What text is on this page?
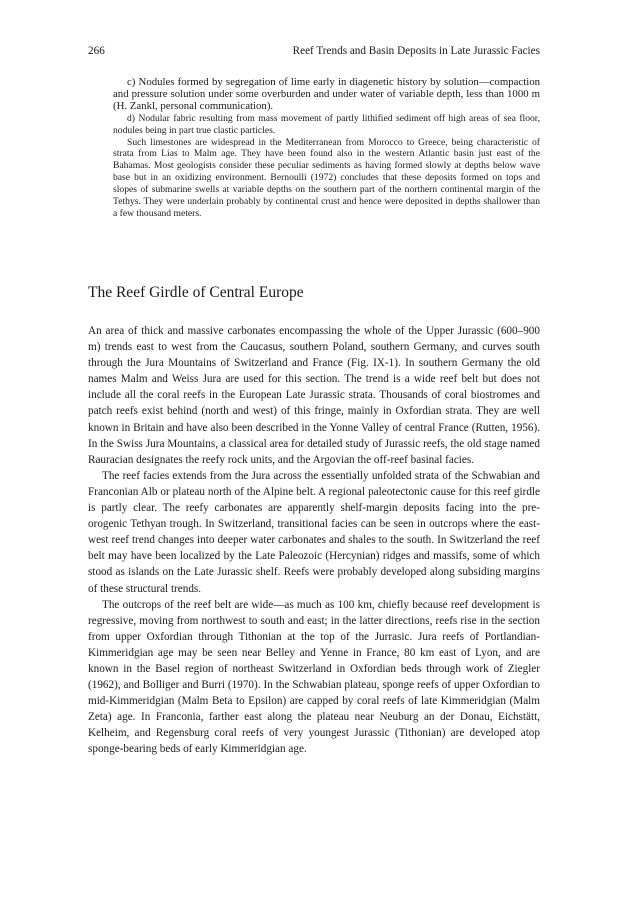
266	Reef Trends and Basin Deposits in Late Jurassic Facies

c) Nodules formed by segregation of lime early in diagenetic history by solution—compaction and pressure solution under some overburden and under water of variable depth, less than 1000 m (H. Zankl, personal communication).

d) Nodular fabric resulting from mass movement of partly lithified sediment off high areas of sea floor, nodules being in part true clastic particles.

Such limestones are widespread in the Mediterranean from Morocco to Greece, being characteristic of strata from Lias to Malm age. They have been found also in the western Atlantic basin just east of the Bahamas. Most geologists consider these peculiar sediments as having formed slowly at depths below wave base but in an oxidizing environment. Bernoulli (1972) concludes that these deposits formed on tops and slopes of submarine swells at variable depths on the southern part of the northern continental margin of the Tethys. They were underlain probably by continental crust and hence were deposited in depths shallower than a few thousand meters.

The Reef Girdle of Central Europe

An area of thick and massive carbonates encompassing the whole of the Upper Jurassic (600–900 m) trends east to west from the Caucasus, southern Poland, southern Germany, and curves south through the Jura Mountains of Switzerland and France (Fig. IX-1). In southern Germany the old names Malm and Weiss Jura are used for this section. The trend is a wide reef belt but does not include all the coral reefs in the European Late Jurassic strata. Thousands of coral biostromes and patch reefs exist behind (north and west) of this fringe, mainly in Oxfordian strata. They are well known in Britain and have also been described in the Yonne Valley of central France (Rutten, 1956). In the Swiss Jura Mountains, a classical area for detailed study of Jurassic reefs, the old stage named Rauracian designates the reefy rock units, and the Argovian the off-reef basinal facies.

The reef facies extends from the Jura across the essentially unfolded strata of the Schwabian and Franconian Alb or plateau north of the Alpine belt. A regional paleotectonic cause for this reef girdle is partly clear. The reefy carbonates are apparently shelf-margin deposits facing into the pre-orogenic Tethyan trough. In Switzerland, transitional facies can be seen in outcrops where the east-west reef trend changes into deeper water carbonates and shales to the south. In Switzerland the reef belt may have been localized by the Late Paleozoic (Hercynian) ridges and massifs, some of which stood as islands on the Late Jurassic shelf. Reefs were probably developed along subsiding margins of these structural trends.

The outcrops of the reef belt are wide—as much as 100 km, chiefly because reef development is regressive, moving from northwest to south and east; in the latter directions, reefs rise in the section from upper Oxfordian through Tithonian at the top of the Jurrasic. Jura reefs of Portlandian-Kimmeridgian age may be seen near Belley and Yenne in France, 80 km east of Lyon, and are known in the Basel region of northeast Switzerland in Oxfordian beds through work of Ziegler (1962), and Bolliger and Burri (1970). In the Schwabian plateau, sponge reefs of upper Oxfordian to mid-Kimmeridgian (Malm Beta to Epsilon) are capped by coral reefs of late Kimmeridgian (Malm Zeta) age. In Franconia, farther east along the plateau near Neuburg an der Donau, Eichstätt, Kelheim, and Regensburg coral reefs of very youngest Jurassic (Tithonian) are developed atop sponge-bearing beds of early Kimmeridgian age.
